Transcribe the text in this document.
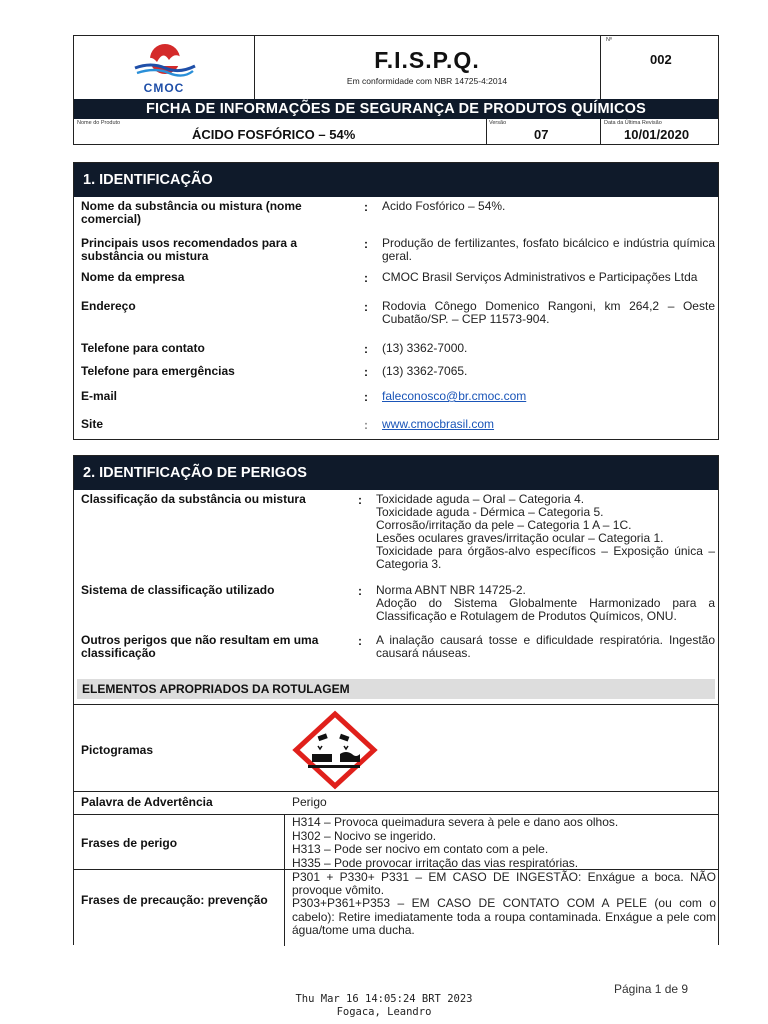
CMOC
F.I.S.P.Q.
Em conformidade com NBR 14725-4:2014
Nº
002
FICHA DE INFORMAÇÕES DE SEGURANÇA DE PRODUTOS QUÍMICOS
Nome do Produto
ÁCIDO FOSFÓRICO – 54%
Versão
07
Data da Última Revisão
10/01/2020
1. IDENTIFICAÇÃO
Nome da substância ou mistura (nome comercial)
: Acido Fosfórico – 54%.
Principais usos recomendados para a substância ou mistura
: Produção de fertilizantes, fosfato bicálcico e indústria química geral.
Nome da empresa	: CMOC Brasil Serviços Administrativos e Participações Ltda
Endereço	: Rodovia Cônego Domenico Rangoni, km 264,2 – Oeste Cubatão/SP. – CEP 11573-904.
Telefone para contato	: (13) 3362-7000.
Telefone para emergências	: (13) 3362-7065.
E-mail	: faleconosco@br.cmoc.com
Site	: www.cmocbrasil.com
2. IDENTIFICAÇÃO DE PERIGOS
Classificação da substância ou mistura	: Toxicidade aguda – Oral – Categoria 4.
Toxicidade aguda - Dérmica – Categoria 5.
Corrosão/irritação da pele – Categoria 1 A – 1C.
Lesões oculares graves/irritação ocular – Categoria 1.
Toxicidade para órgãos-alvo específicos – Exposição única – Categoria 3.
Sistema de classificação utilizado	: Norma ABNT NBR 14725-2.
Adoção do Sistema Globalmente Harmonizado para a Classificação e Rotulagem de Produtos Químicos, ONU.
Outros perigos que não resultam em uma classificação
: A inalação causará tosse e dificuldade respiratória. Ingestão causará náuseas.
ELEMENTOS APROPRIADOS DA ROTULAGEM
Pictogramas
Palavra de Advertência	Perigo
Frases de perigo
H314 – Provoca queimadura severa à pele e dano aos olhos.
H302 – Nocivo se ingerido.
H313 – Pode ser nocivo em contato com a pele.
H335 – Pode provocar irritação das vias respiratórias.
Frases de precaução: prevenção
P301 + P330+ P331 – EM CASO DE INGESTÃO: Enxágue a boca. NÃO provoque vômito.
P303+P361+P353 – EM CASO DE CONTATO COM A PELE (ou com o cabelo): Retire imediatamente toda a roupa contaminada. Enxágue a pele com água/tome uma ducha.
Página 1 de 9
Thu Mar 16 14:05:24 BRT 2023
Fogaca, Leandro
